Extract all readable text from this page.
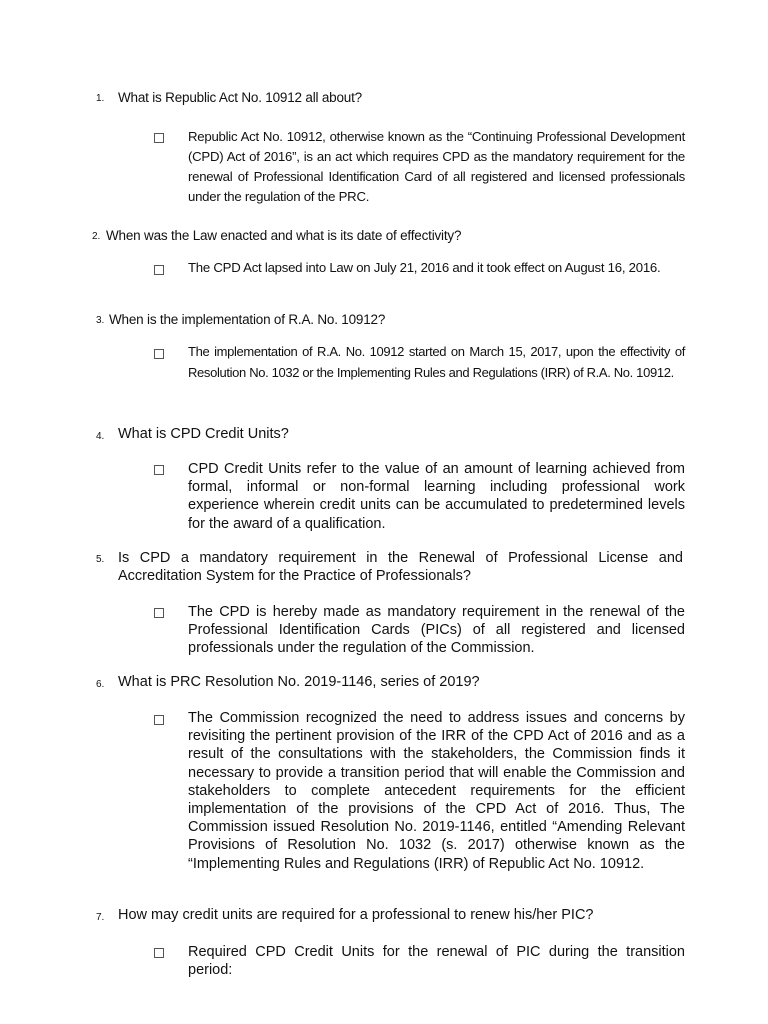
1. What is Republic Act No. 10912 all about?
Republic Act No. 10912, otherwise known as the “Continuing Professional Development (CPD) Act of 2016”, is an act which requires CPD as the mandatory requirement for the renewal of Professional Identification Card of all registered and licensed professionals under the regulation of the PRC.
2. When was the Law enacted and what is its date of effectivity?
The CPD Act lapsed into Law on July 21, 2016 and it took effect on August 16, 2016.
3. When is the implementation of R.A. No. 10912?
The implementation of R.A. No. 10912 started on March 15, 2017, upon the effectivity of Resolution No. 1032 or the Implementing Rules and Regulations (IRR) of R.A. No. 10912.
4. What is CPD Credit Units?
CPD Credit Units refer to the value of an amount of learning achieved from formal, informal or non-formal learning including professional work experience wherein credit units can be accumulated to predetermined levels for the award of a qualification.
5. Is CPD a mandatory requirement in the Renewal of Professional License and Accreditation System for the Practice of Professionals?
The CPD is hereby made as mandatory requirement in the renewal of the Professional Identification Cards (PICs) of all registered and licensed professionals under the regulation of the Commission.
6. What is PRC Resolution No. 2019-1146, series of 2019?
The Commission recognized the need to address issues and concerns by revisiting the pertinent provision of the IRR of the CPD Act of 2016 and as a result of the consultations with the stakeholders, the Commission finds it necessary to provide a transition period that will enable the Commission and stakeholders to complete antecedent requirements for the efficient implementation of the provisions of the CPD Act of 2016. Thus, The Commission issued Resolution No. 2019-1146, entitled “Amending Relevant Provisions of Resolution No. 1032 (s. 2017) otherwise known as the “Implementing Rules and Regulations (IRR) of Republic Act No. 10912.
7. How may credit units are required for a professional to renew his/her PIC?
Required CPD Credit Units for the renewal of PIC during the transition period:
